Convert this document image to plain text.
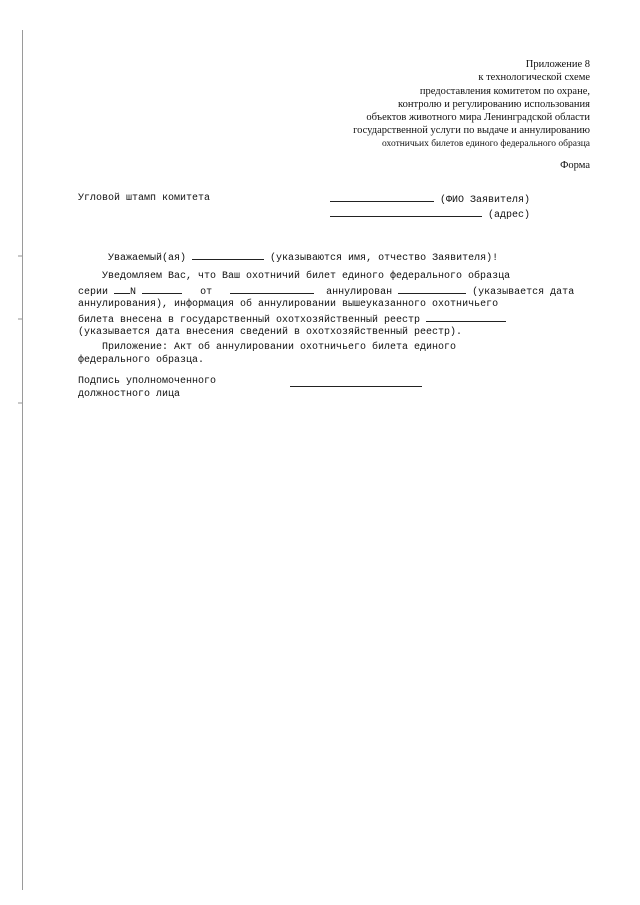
Приложение 8
к технологической схеме
предоставления комитетом по охране,
контролю и регулированию использования
объектов животного мира Ленинградской области
государственной услуги по выдаче и аннулированию
охотничьих билетов единого федерального образца
Форма
Угловой штамп комитета	(ФИО Заявителя)
(адрес)
Уважаемый(ая)	(указываются имя, отчество Заявителя)!
Уведомляем Вас, что Ваш охотничий билет единого федерального образца
серии N	от	аннулирован	(указывается дата
аннулирования), информация об аннулировании вышеуказанного охотничьего
билета внесена в государственный охотхозяйственный реестр
(указывается дата внесения сведений в охотхозяйственный реестр).
Приложение: Акт об аннулировании охотничьего билета единого
федерального образца.
Подпись уполномоченного
должностного лица
